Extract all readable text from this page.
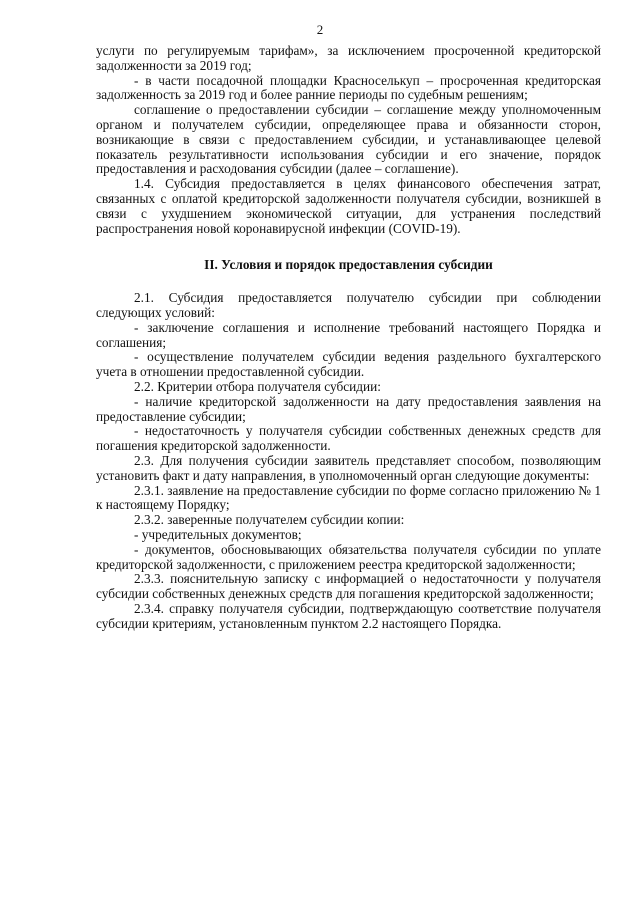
2

услуги по регулируемым тарифам», за исключением просроченной кредиторской задолженности за 2019 год;

- в части посадочной площадки Красноселькуп – просроченная кредиторская задолженность за 2019 год и более ранние периоды по судебным решениям;

соглашение о предоставлении субсидии – соглашение между уполномоченным органом и получателем субсидии, определяющее права и обязанности сторон, возникающие в связи с предоставлением субсидии, и устанавливающее целевой показатель результативности использования субсидии и его значение, порядок предоставления и расходования субсидии (далее – соглашение).

1.4. Субсидия предоставляется в целях финансового обеспечения затрат, связанных с оплатой кредиторской задолженности получателя субсидии, возникшей в связи с ухудшением экономической ситуации, для устранения последствий распространения новой коронавирусной инфекции (COVID-19).

II. Условия и порядок предоставления субсидии

2.1. Субсидия предоставляется получателю субсидии при соблюдении следующих условий:

- заключение соглашения и исполнение требований настоящего Порядка и соглашения;

- осуществление получателем субсидии ведения раздельного бухгалтерского учета в отношении предоставленной субсидии.

2.2. Критерии отбора получателя субсидии:

- наличие кредиторской задолженности на дату предоставления заявления на предоставление субсидии;

- недостаточность у получателя субсидии собственных денежных средств для погашения кредиторской задолженности.

2.3. Для получения субсидии заявитель представляет способом, позволяющим установить факт и дату направления, в уполномоченный орган следующие документы:

2.3.1. заявление на предоставление субсидии по форме согласно приложению № 1 к настоящему Порядку;

2.3.2. заверенные получателем субсидии копии:

- учредительных документов;

- документов, обосновывающих обязательства получателя субсидии по уплате кредиторской задолженности, с приложением реестра кредиторской задолженности;

2.3.3. пояснительную записку с информацией о недостаточности у получателя субсидии собственных денежных средств для погашения кредиторской задолженности;

2.3.4. справку получателя субсидии, подтверждающую соответствие получателя субсидии критериям, установленным пунктом 2.2 настоящего Порядка.
